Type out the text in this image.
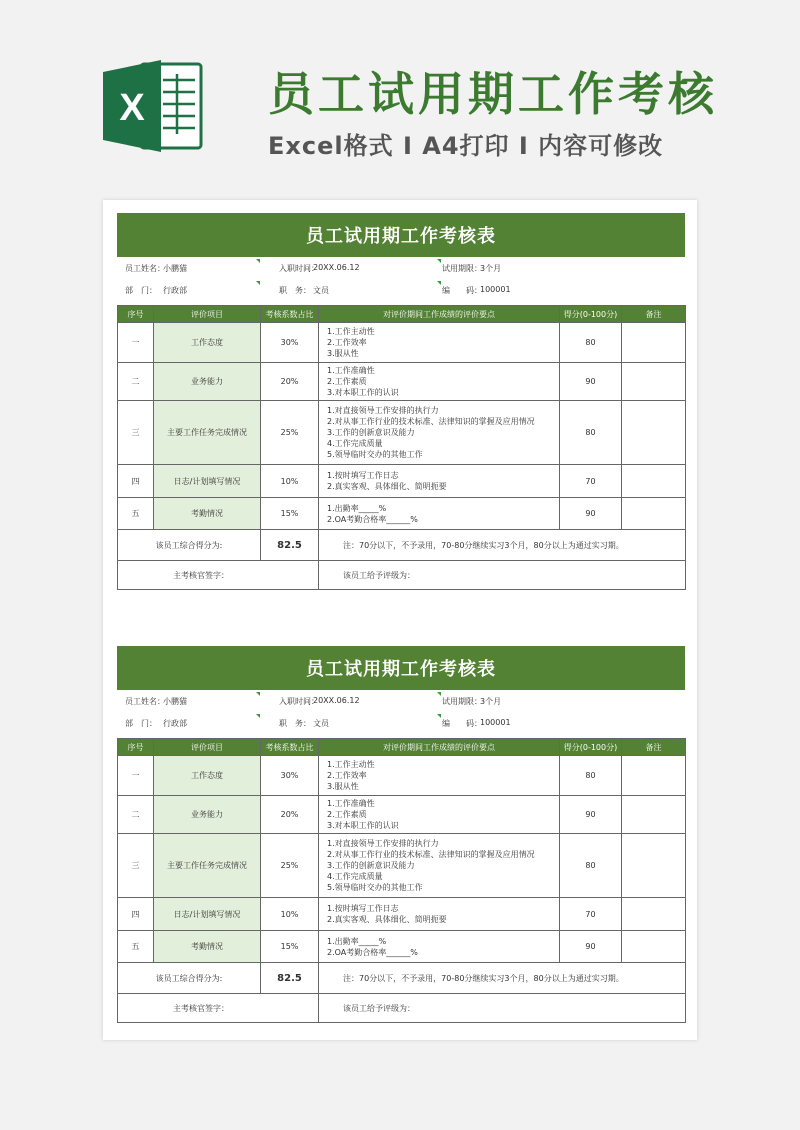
X	员工试用期工作考核
Excel格式 I A4打印 I 内容可修改
员工试用期工作考核表
员工姓名：
小鹏猫	入职时间：
20XX.06.12	试用期限：
3个月
部　门： 行政部	职　务： 文员	编　　码：
100001
序号	评价项目	考核系数占比	对评价期间工作成绩的评价要点	得分(0-100分)	备注
一	工作态度	30%	1.工作主动性
2.工作效率
3.服从性	80	
二	业务能力	20%	1.工作准确性
2.工作素质
3.对本职工作的认识	90	
三	主要工作任务完成情况	25%	1.对直接领导工作安排的执行力
2.对从事工作行业的技术标准、法律知识的掌握及应用情况
3.工作的创新意识及能力
4.工作完成质量
5.领导临时交办的其他工作	80	
四	日志/计划填写情况	10%	1.按时填写工作日志
2.真实客观、具体细化、简明扼要	70	
五	考勤情况	15%	1.出勤率_____%
2.OA考勤合格率______%	90	
该员工综合得分为:		82.5	注：70分以下，不予录用，70-80分继续实习3个月，80分以上为通过实习期。		
主考核官签字：			该员工给予评级为：		
员工试用期工作考核表
员工姓名：
小鹏猫	入职时间：
20XX.06.12	试用期限：
3个月
部　门： 行政部	职　务： 文员	编　　码：
100001
序号	评价项目	考核系数占比	对评价期间工作成绩的评价要点	得分(0-100分)	备注
一	工作态度	30%	1.工作主动性
2.工作效率
3.服从性	80	
二	业务能力	20%	1.工作准确性
2.工作素质
3.对本职工作的认识	90	
三	主要工作任务完成情况	25%	1.对直接领导工作安排的执行力
2.对从事工作行业的技术标准、法律知识的掌握及应用情况
3.工作的创新意识及能力
4.工作完成质量
5.领导临时交办的其他工作	80	
四	日志/计划填写情况	10%	1.按时填写工作日志
2.真实客观、具体细化、简明扼要	70	
五	考勤情况	15%	1.出勤率_____%
2.OA考勤合格率______%	90	
该员工综合得分为:		82.5	注：70分以下，不予录用，70-80分继续实习3个月，80分以上为通过实习期。		
主考核官签字：			该员工给予评级为：		
